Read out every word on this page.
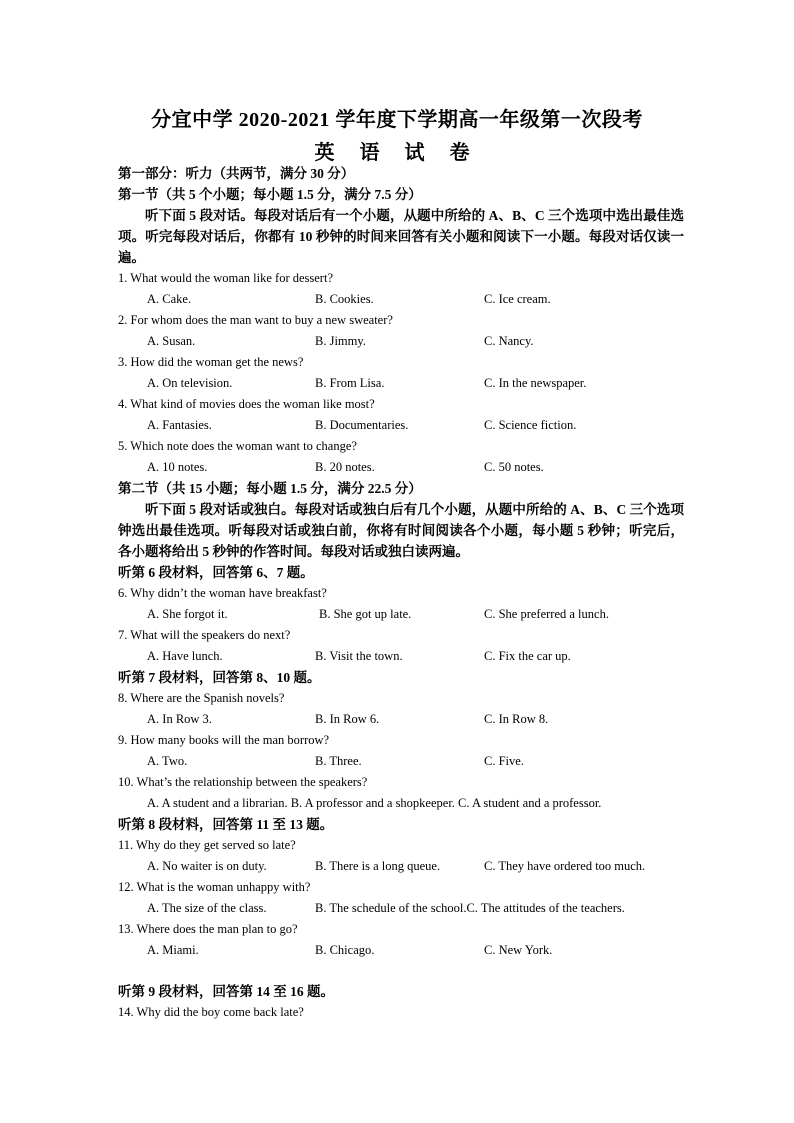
分宜中学 2020-2021 学年度下学期高一年级第一次段考
英 语 试 卷
第一部分：听力（共两节，满分 30 分）
第一节（共 5 个小题；每小题 1.5 分，满分 7.5 分）
听下面 5 段对话。每段对话后有一个小题，从题中所给的 A、B、C 三个选项中选出最佳选项。听完每段对话后，你都有 10 秒钟的时间来回答有关小题和阅读下一小题。每段对话仅读一遍。
1. What would the woman like for dessert?
A. Cake.	B. Cookies.	C. Ice cream.
2. For whom does the man want to buy a new sweater?
A. Susan.	B. Jimmy.	C. Nancy.
3. How did the woman get the news?
A. On television.	B. From Lisa.	C. In the newspaper.
4. What kind of movies does the woman like most?
A. Fantasies.	B. Documentaries.	C. Science fiction.
5. Which note does the woman want to change?
A. 10 notes.	B. 20 notes.	C. 50 notes.
第二节（共 15 小题；每小题 1.5 分，满分 22.5 分）
听下面 5 段对话或独白。每段对话或独白后有几个小题，从题中所给的 A、B、C 三个选项钟选出最佳选项。听每段对话或独白前，你将有时间阅读各个小题，每小题 5 秒钟；听完后，各小题将给出 5 秒钟的作答时间。每段对话或独白读两遍。
听第 6 段材料，回答第 6、7 题。
6. Why didn’t the woman have breakfast?
A. She forgot it.	B. She got up late.	C. She preferred a lunch.
7. What will the speakers do next?
A. Have lunch.	B. Visit the town.	C. Fix the car up.
听第 7 段材料，回答第 8、10 题。
8. Where are the Spanish novels?
A. In Row 3.	B. In Row 6.	C. In Row 8.
9. How many books will the man borrow?
A. Two.	B. Three.	C. Five.
10. What’s the relationship between the speakers?
A. A student and a librarian. B. A professor and a shopkeeper. C. A student and a professor.
听第 8 段材料，回答第 11 至 13 题。
11. Why do they get served so late?
A. No waiter is on duty.	B. There is a long queue.	C. They have ordered too much.
12. What is the woman unhappy with?
A. The size of the class.	B. The schedule of the school.C. The attitudes of the teachers.
13. Where does the man plan to go?
A. Miami.	B. Chicago.	C. New York.
听第 9 段材料，回答第 14 至 16 题。
14. Why did the boy come back late?
